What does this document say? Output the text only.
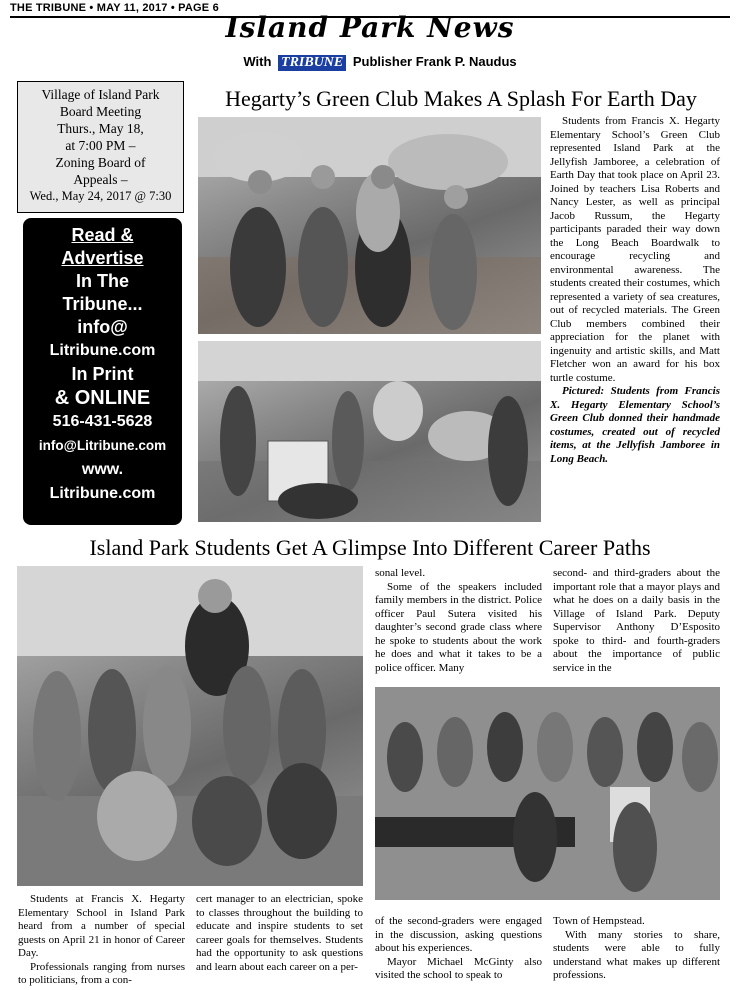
THE TRIBUNE • MAY 11, 2017 • PAGE 6
Island Park News
With TRIBUNE Publisher Frank P. Naudus
Village of Island Park
Board Meeting
Thurs., May 18,
at 7:00 PM –
Zoning Board of
Appeals –
Wed., May 24, 2017 @ 7:30
Read &
Advertise
In The
Tribune...
info@
Litribune.com
In Print
& ONLINE
516-431-5628
info@Litribune.com
www.
Litribune.com
Hegarty’s Green Club Makes A Splash For Earth Day

Students from Francis X. Hegarty Elementary School’s Green Club represented Island Park at the Jellyfish Jamboree, a celebration of Earth Day that took place on April 23. Joined by teachers Lisa Roberts and Nancy Lester, as well as principal Jacob Russum, the Hegarty participants paraded their way down the Long Beach Boardwalk to encourage recycling and environmental awareness. The students created their costumes, which represented a variety of sea creatures, out of recycled materials. The Green Club members combined their appreciation for the planet with ingenuity and artistic skills, and Matt Fletcher won an award for his box turtle costume.

Pictured: Students from Francis X. Hegarty Elementary School’s Green Club donned their handmade costumes, created out of recycled items, at the Jellyfish Jamboree in Long Beach.

Island Park Students Get A Glimpse Into Different Career Paths

Students at Francis X. Hegarty Elementary School in Island Park heard from a number of special guests on April 21 in honor of Career Day.

Professionals ranging from nurses to politicians, from a con-

cert manager to an electrician, spoke to classes throughout the building to educate and inspire students to set career goals for themselves. Students had the opportunity to ask questions and learn about each career on a per-

sonal level.

Some of the speakers included family members in the district. Police officer Paul Sutera visited his daughter’s second grade class where he spoke to students about the work he does and what it takes to be a police officer. Many

second- and third-graders about the important role that a mayor plays and what he does on a daily basis in the Village of Island Park. Deputy Supervisor Anthony D’Esposito spoke to third- and fourth-graders about the importance of public service in the

of the second-graders were engaged in the discussion, asking questions about his experiences.

Mayor Michael McGinty also visited the school to speak to

Town of Hempstead.

With many stories to share, students were able to fully understand what makes up different professions.
